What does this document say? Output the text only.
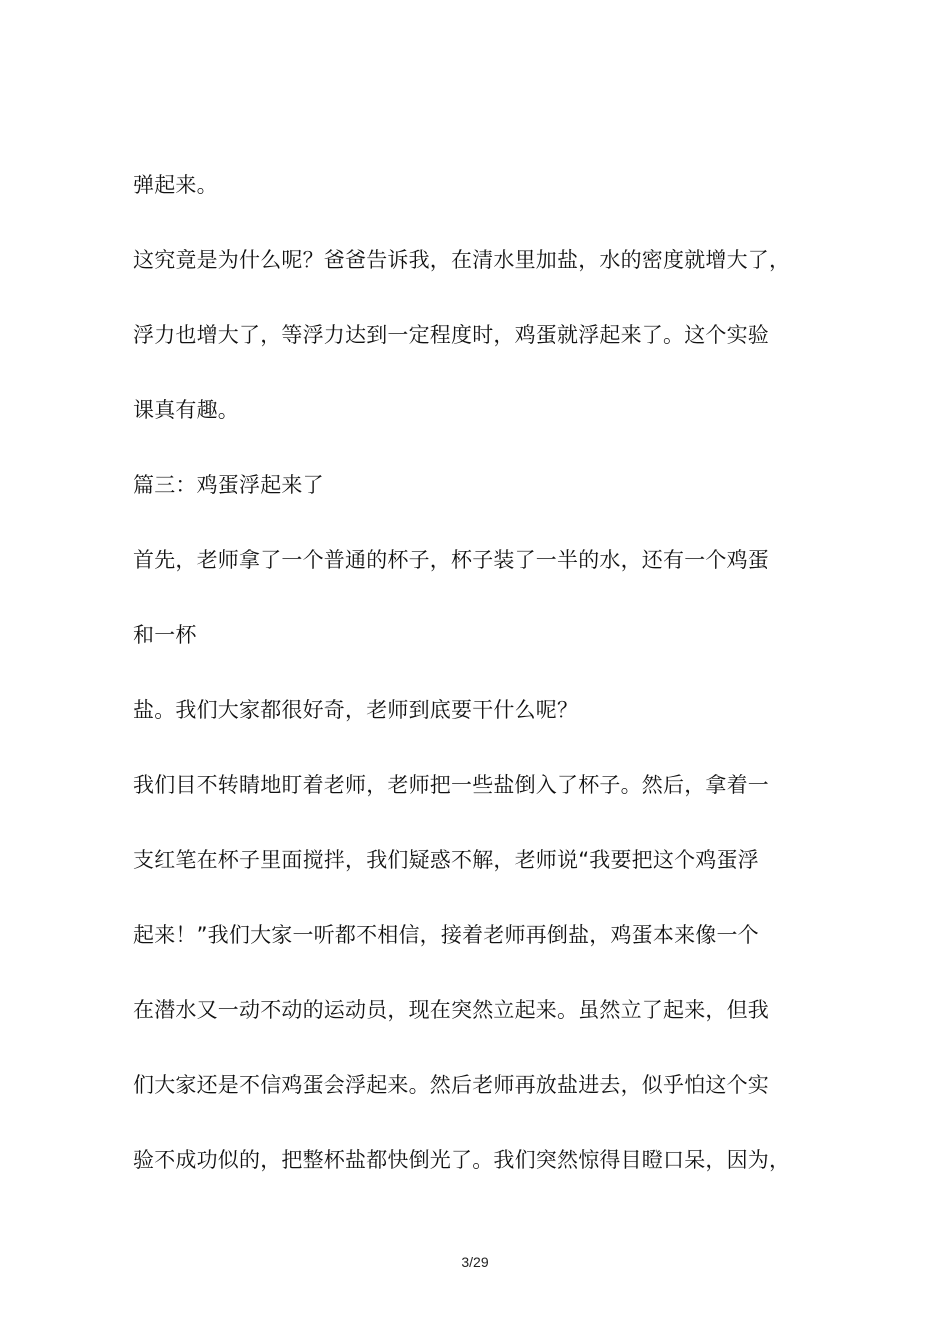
弹起来。
这究竟是为什么呢？爸爸告诉我，在清水里加盐，水的密度就增大了，
浮力也增大了，等浮力达到一定程度时，鸡蛋就浮起来了。这个实验
课真有趣。
篇三：鸡蛋浮起来了
首先，老师拿了一个普通的杯子，杯子装了一半的水，还有一个鸡蛋
和一杯
盐。我们大家都很好奇，老师到底要干什么呢？
我们目不转睛地盯着老师，老师把一些盐倒入了杯子。然后，拿着一
支红笔在杯子里面搅拌，我们疑惑不解，老师说“我要把这个鸡蛋浮
起来！”我们大家一听都不相信，接着老师再倒盐，鸡蛋本来像一个
在潜水又一动不动的运动员，现在突然立起来。虽然立了起来，但我
们大家还是不信鸡蛋会浮起来。然后老师再放盐进去，似乎怕这个实
验不成功似的，把整杯盐都快倒光了。我们突然惊得目瞪口呆，因为，
3/29
